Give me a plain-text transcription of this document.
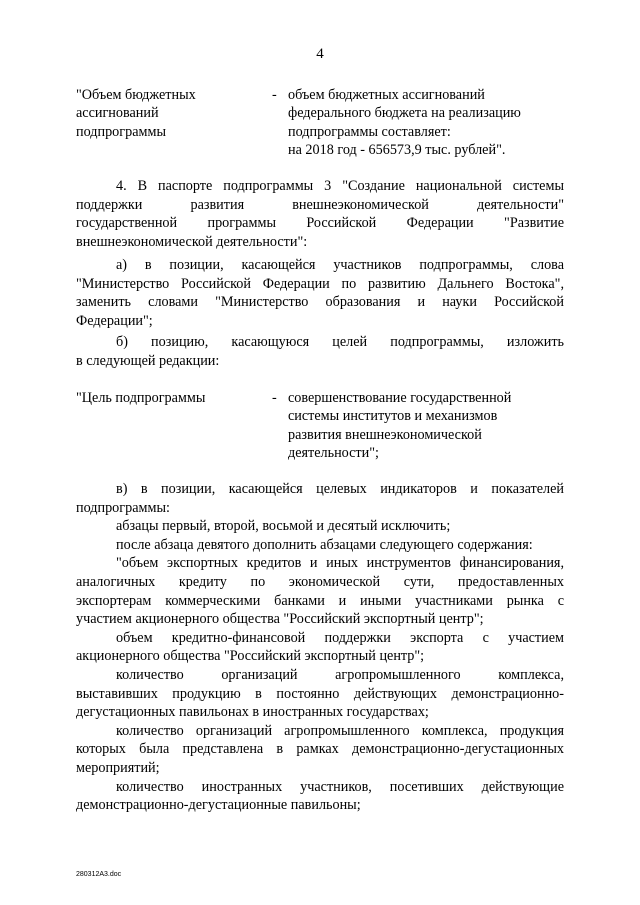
4
"Объем бюджетных
ассигнований
подпрограммы
- объем бюджетных ассигнований
федерального бюджета на реализацию
подпрограммы составляет:
на 2018 год - 656573,9 тыс. рублей".
4. В паспорте подпрограммы 3 "Создание национальной системы
поддержки развития внешнеэкономической деятельности"
государственной программы Российской Федерации "Развитие
внешнеэкономической деятельности":
а) в позиции, касающейся участников подпрограммы, слова
"Министерство Российской Федерации по развитию Дальнего Востока",
заменить словами "Министерство образования и науки Российской
Федерации";
б) позицию, касающуюся целей подпрограммы, изложить
в следующей редакции:
"Цель подпрограммы	- совершенствование государственной
системы институтов и механизмов
развития внешнеэкономической
деятельности";
в) в позиции, касающейся целевых индикаторов и показателей
подпрограммы:
абзацы первый, второй, восьмой и десятый исключить;
после абзаца девятого дополнить абзацами следующего содержания:
"объем экспортных кредитов и иных инструментов финансирования,
аналогичных кредиту по экономической сути, предоставленных
экспортерам коммерческими банками и иными участниками рынка с
участием акционерного общества "Российский экспортный центр";
объем кредитно-финансовой поддержки экспорта с участием
акционерного общества "Российский экспортный центр";
количество организаций агропромышленного комплекса,
выставивших продукцию в постоянно действующих демонстрационно-
дегустационных павильонах в иностранных государствах;
количество организаций агропромышленного комплекса, продукция
которых была представлена в рамках демонстрационно-дегустационных
мероприятий;
количество иностранных участников, посетивших действующие
демонстрационно-дегустационные павильоны;
280312A3.doc
